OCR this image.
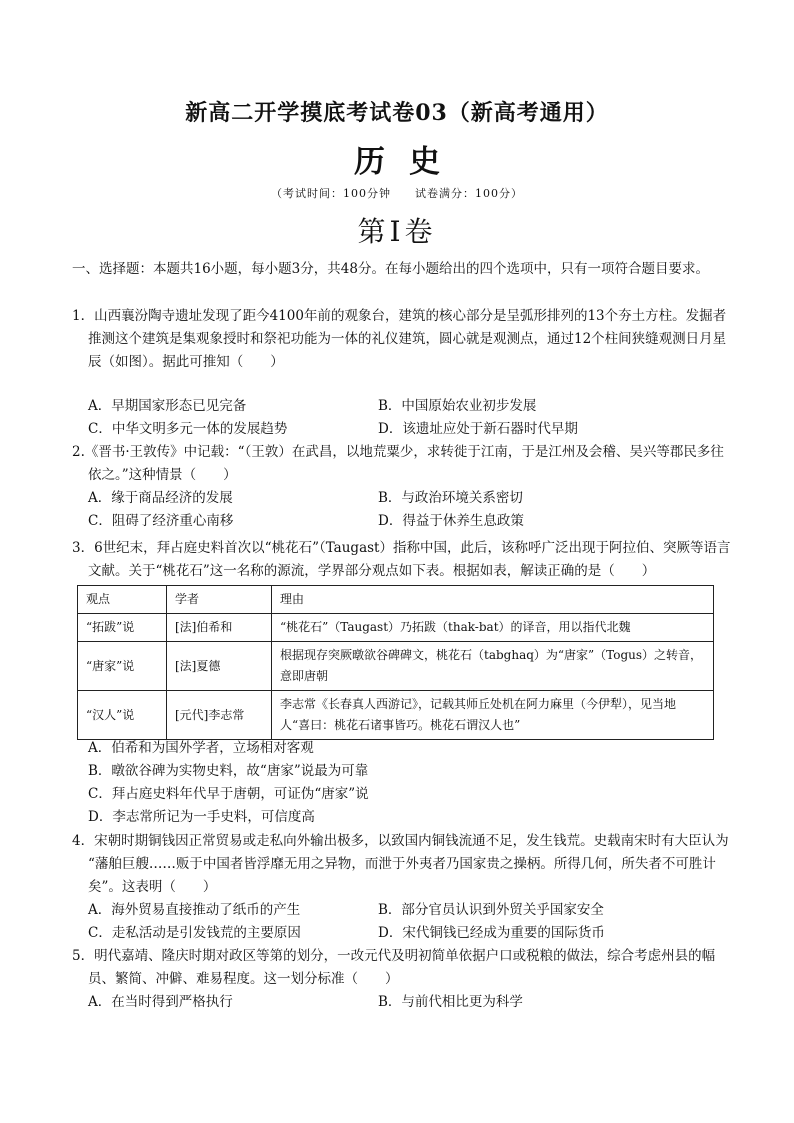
新高二开学摸底考试卷03（新高考通用）
历史
（考试时间：100分钟　　试卷满分：100分）
第Ⅰ卷
一、选择题：本题共16小题，每小题3分，共48分。在每小题给出的四个选项中，只有一项符合题目要求。
1．山西襄汾陶寺遗址发现了距今4100年前的观象台，建筑的核心部分是呈弧形排列的13个夯土方柱。发掘者推测这个建筑是集观象授时和祭祀功能为一体的礼仪建筑，圆心就是观测点，通过12个柱间狭缝观测日月星辰（如图）。据此可推知（　　）
A．早期国家形态已见完备	B．中国原始农业初步发展
C．中华文明多元一体的发展趋势	D．该遗址应处于新石器时代早期
2.《晋书·王敦传》中记载：“（王敦）在武昌，以地荒粟少，求转徙于江南，于是江州及会稽、吴兴等郡民多往依之。”这种情景（　　）
A．缘于商品经济的发展	B．与政治环境关系密切
C．阻碍了经济重心南移	D．得益于休养生息政策
3．6世纪末，拜占庭史料首次以“桃花石”（Taugast）指称中国，此后，该称呼广泛出现于阿拉伯、突厥等语言文献。关于“桃花石”这一名称的源流，学界部分观点如下表。根据如表，解读正确的是（　　）
观点	学者	理由
“拓跋”说	[法]伯希和	“桃花石”（Taugast）乃拓跋（thak-bat）的译音，用以指代北魏
“唐家”说	[法]夏德	根据现存突厥暾欲谷碑碑文，桃花石（tabghaq）为“唐家”（Togus）之转音，意即唐朝
“汉人”说	[元代]李志常	李志常《长春真人西游记》，记载其师丘处机在阿力麻里（今伊犁），见当地人“喜曰：桃花石诸事皆巧。桃花石谓汉人也”
A．伯希和为国外学者，立场相对客观
B．暾欲谷碑为实物史料，故“唐家”说最为可靠
C．拜占庭史料年代早于唐朝，可证伪“唐家”说
D．李志常所记为一手史料，可信度高
4．宋朝时期铜钱因正常贸易或走私向外输出极多，以致国内铜钱流通不足，发生钱荒。史载南宋时有大臣认为 “藩舶巨艘……贩于中国者皆浮靡无用之异物，而泄于外夷者乃国家贵之操柄。所得几何，所失者不可胜计矣”。这表明（　　）
A．海外贸易直接推动了纸币的产生	B．部分官员认识到外贸关乎国家安全
C．走私活动是引发钱荒的主要原因	D．宋代铜钱已经成为重要的国际货币
5．明代嘉靖、隆庆时期对政区等第的划分，一改元代及明初简单依据户口或税粮的做法，综合考虑州县的幅员、繁简、冲僻、难易程度。这一划分标准（　　）
A．在当时得到严格执行	B．与前代相比更为科学
